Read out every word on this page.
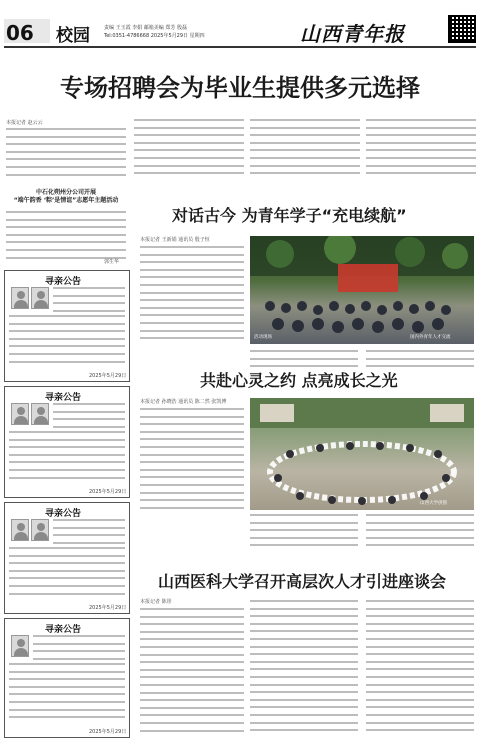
06 校园	责编 王玉霞 李娟 邮箱美编 郑芳 殷磊
Tel:0351-4786668 2025年5月29日 星期四	山西青年报
专场招聘会为毕业生提供多元选择
本报记者 赵云云
中石化朔州分公司开展
“端午韵香 ‘粽’是情谊”志愿年主题活动
郭生华
寻亲公告
2025年5月29日
寻亲公告
2025年5月29日
寻亲公告
2025年5月29日
寻亲公告
2025年5月29日
对话古今 为青年学子“充电续航”
本报记者 王新娟 通讯员 殷子恒
活动现场	国内外青年人才交流
共赴心灵之约 点亮成长之光
本报记者 孙晓浩 通讯员 陈二然 张凯博
山西大学供图
山西医科大学召开高层次人才引进座谈会
本报记者 陈彤
